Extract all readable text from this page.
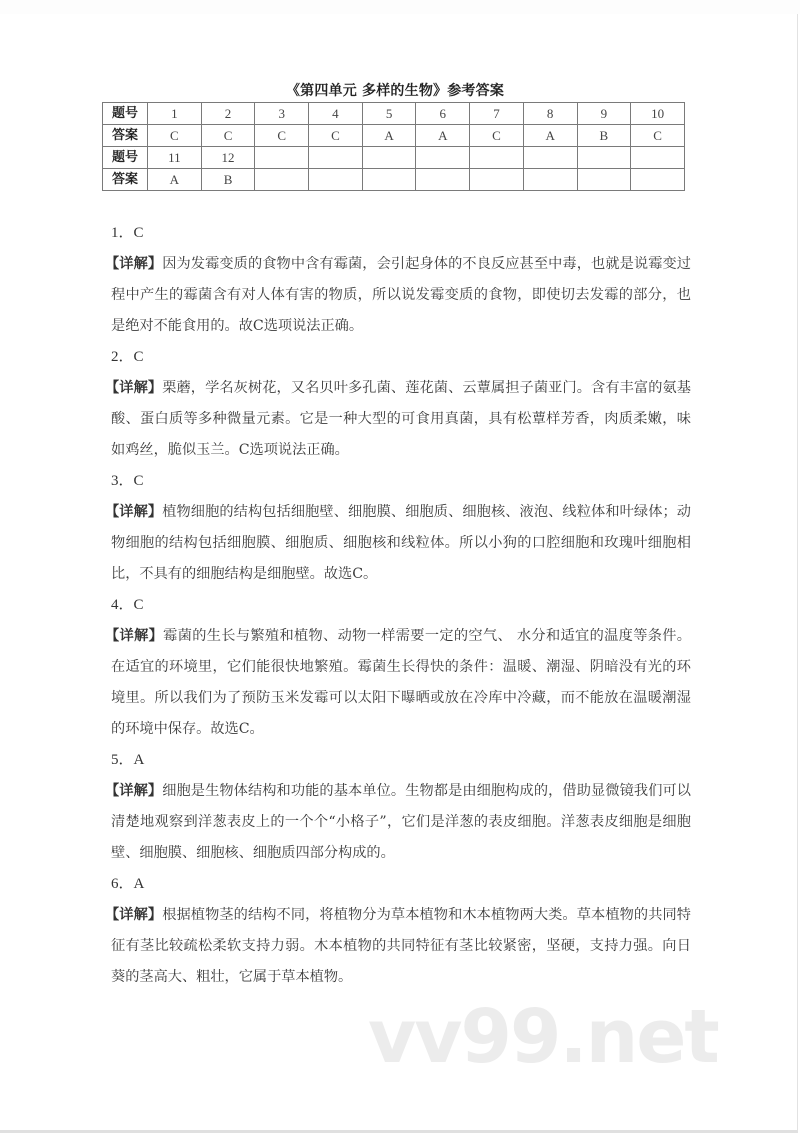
《第四单元 多样的生物》参考答案
题号	1	2	3	4	5	6	7	8	9	10
答案	C	C	C	C	A	A	C	A	B	C
题号	11	12								
答案	A	B								

1．C

【详解】因为发霉变质的食物中含有霉菌，会引起身体的不良反应甚至中毒，也就是说霉变过程中产生的霉菌含有对人体有害的物质，所以说发霉变质的食物，即使切去发霉的部分，也是绝对不能食用的。故C选项说法正确。

2．C

【详解】栗蘑，学名灰树花，又名贝叶多孔菌、莲花菌、云蕈属担子菌亚门。含有丰富的氨基酸、蛋白质等多种微量元素。它是一种大型的可食用真菌，具有松蕈样芳香，肉质柔嫩，味如鸡丝，脆似玉兰。C选项说法正确。

3．C

【详解】植物细胞的结构包括细胞壁、细胞膜、细胞质、细胞核、液泡、线粒体和叶绿体；动物细胞的结构包括细胞膜、细胞质、细胞核和线粒体。所以小狗的口腔细胞和玫瑰叶细胞相比，不具有的细胞结构是细胞壁。故选C。

4．C

【详解】霉菌的生长与繁殖和植物、动物一样需要一定的空气、 水分和适宜的温度等条件。在适宜的环境里，它们能很快地繁殖。霉菌生长得快的条件：温暖、潮湿、阴暗没有光的环境里。所以我们为了预防玉米发霉可以太阳下曝晒或放在冷库中冷藏，而不能放在温暖潮湿的环境中保存。故选C。

5．A

【详解】细胞是生物体结构和功能的基本单位。生物都是由细胞构成的，借助显微镜我们可以清楚地观察到洋葱表皮上的一个个“小格子”，它们是洋葱的表皮细胞。洋葱表皮细胞是细胞壁、细胞膜、细胞核、细胞质四部分构成的。

6．A

【详解】根据植物茎的结构不同，将植物分为草本植物和木本植物两大类。草本植物的共同特征有茎比较疏松柔软支持力弱。木本植物的共同特征有茎比较紧密，坚硬，支持力强。向日葵的茎高大、粗壮，它属于草本植物。

vv99.net
